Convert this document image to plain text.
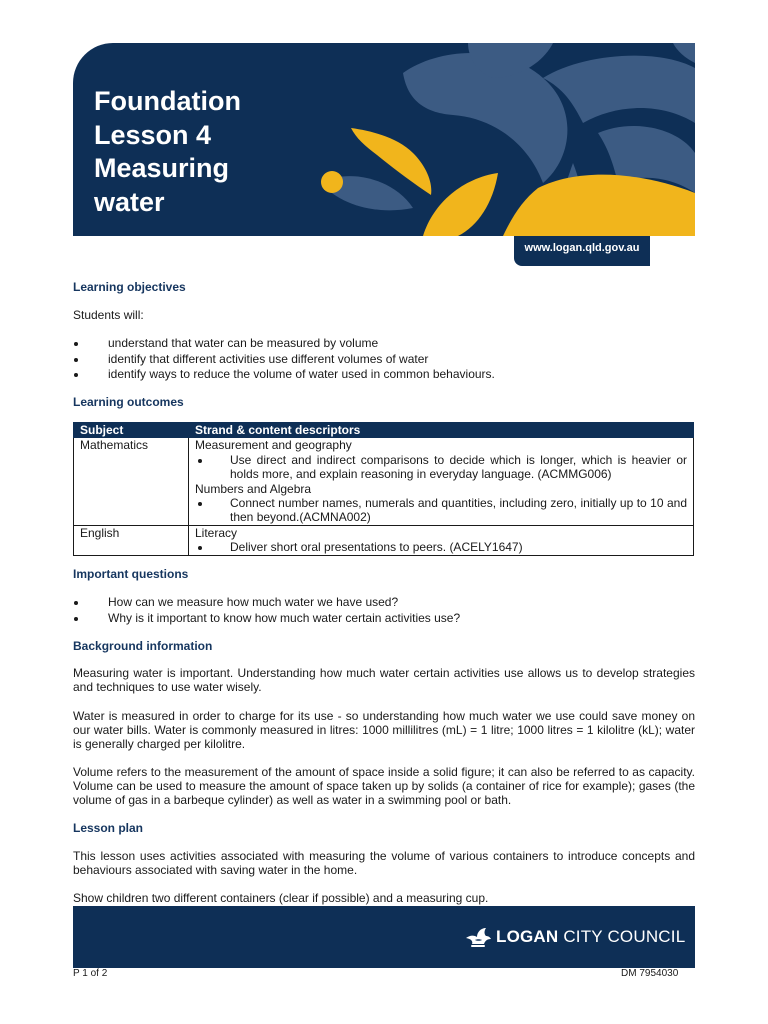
Foundation
Lesson 4
Measuring
water
www.logan.qld.gov.au
Learning objectives
Students will:
understand that water can be measured by volume
identify that different activities use different volumes of water
identify ways to reduce the volume of water used in common behaviours.
Learning outcomes
Subject	Strand & content descriptors
Mathematics	Measurement and geography
Use direct and indirect comparisons to decide which is longer, which is heavier or holds more, and explain reasoning in everyday language. (ACMMG006)
Numbers and Algebra
Connect number names, numerals and quantities, including zero, initially up to 10 and then beyond.(ACMNA002)

English	Literacy
Deliver short oral presentations to peers. (ACELY1647)
Important questions
How can we measure how much water we have used?
Why is it important to know how much water certain activities use?
Background information
Measuring water is important. Understanding how much water certain activities use allows us to develop strategies and techniques to use water wisely.
Water is measured in order to charge for its use - so understanding how much water we use could save money on our water bills. Water is commonly measured in litres: 1000 millilitres (mL) = 1 litre; 1000 litres = 1 kilolitre (kL); water is generally charged per kilolitre.
Volume refers to the measurement of the amount of space inside a solid figure; it can also be referred to as capacity. Volume can be used to measure the amount of space taken up by solids (a container of rice for example); gases (the volume of gas in a barbeque cylinder) as well as water in a swimming pool or bath.
Lesson plan
This lesson uses activities associated with measuring the volume of various containers to introduce concepts and behaviours associated with saving water in the home.
Show children two different containers (clear if possible) and a measuring cup.
LOGAN CITY COUNCIL
P 1 of 2	DM 7954030
